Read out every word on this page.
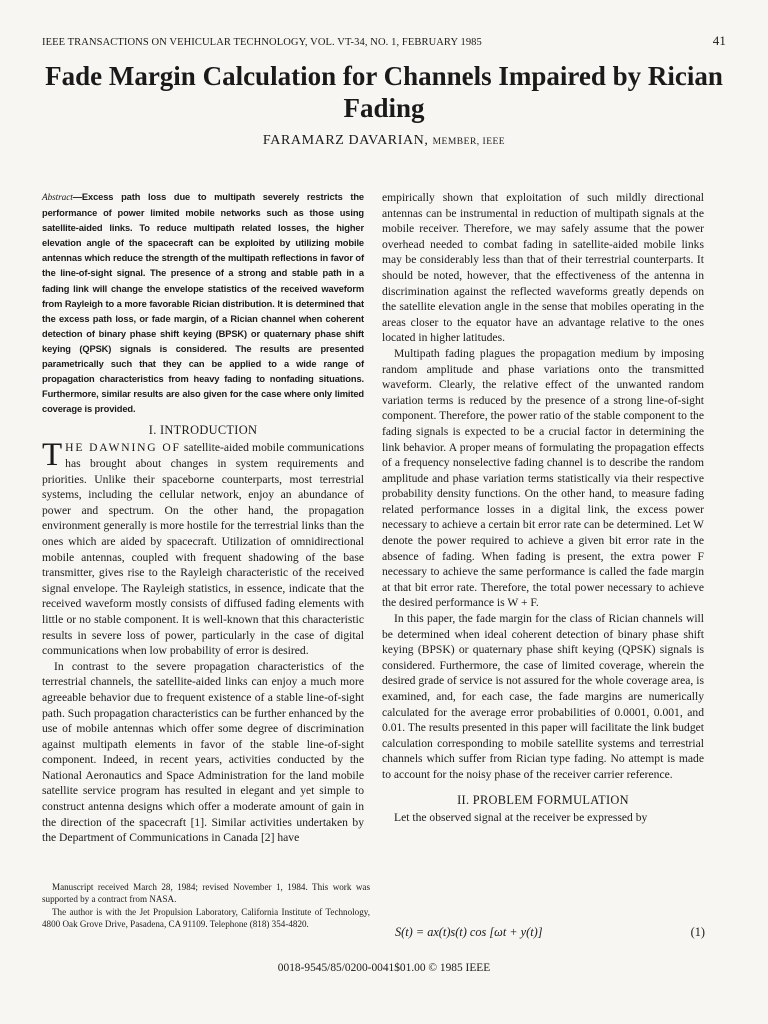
IEEE TRANSACTIONS ON VEHICULAR TECHNOLOGY, VOL. VT-34, NO. 1, FEBRUARY 1985	41
Fade Margin Calculation for Channels Impaired by Rician
Fading
FARAMARZ DAVARIAN, MEMBER, IEEE

Abstract—Excess path loss due to multipath severely restricts the performance of power limited mobile networks such as those using satellite-aided links. To reduce multipath related losses, the higher elevation angle of the spacecraft can be exploited by utilizing mobile antennas which reduce the strength of the multipath reflections in favor of the line-of-sight signal. The presence of a strong and stable path in a fading link will change the envelope statistics of the received waveform from Rayleigh to a more favorable Rician distribution. It is determined that the excess path loss, or fade margin, of a Rician channel when coherent detection of binary phase shift keying (BPSK) or quaternary phase shift keying (QPSK) signals is considered. The results are presented parametrically such that they can be applied to a wide range of propagation characteristics from heavy fading to nonfading situations. Furthermore, similar results are also given for the case where only limited coverage is provided.

I. INTRODUCTION

THE DAWNING OF satellite-aided mobile communications has brought about changes in system requirements and priorities. Unlike their spaceborne counterparts, most terrestrial systems, including the cellular network, enjoy an abundance of power and spectrum. On the other hand, the propagation environment generally is more hostile for the terrestrial links than the ones which are aided by spacecraft. Utilization of omnidirectional mobile antennas, coupled with frequent shadowing of the base transmitter, gives rise to the Rayleigh characteristic of the received signal envelope. The Rayleigh statistics, in essence, indicate that the received waveform mostly consists of diffused fading elements with little or no stable component. It is well-known that this characteristic results in severe loss of power, particularly in the case of digital communications when low probability of error is desired.

In contrast to the severe propagation characteristics of the terrestrial channels, the satellite-aided links can enjoy a much more agreeable behavior due to frequent existence of a stable line-of-sight path. Such propagation characteristics can be further enhanced by the use of mobile antennas which offer some degree of discrimination against multipath elements in favor of the stable line-of-sight component. Indeed, in recent years, activities conducted by the National Aeronautics and Space Administration for the land mobile satellite service program has resulted in elegant and yet simple to construct antenna designs which offer a moderate amount of gain in the direction of the spacecraft [1]. Similar activities undertaken by the Department of Communications in Canada [2] have

empirically shown that exploitation of such mildly directional antennas can be instrumental in reduction of multipath signals at the mobile receiver. Therefore, we may safely assume that the power overhead needed to combat fading in satellite-aided mobile links may be considerably less than that of their terrestrial counterparts. It should be noted, however, that the effectiveness of the antenna in discrimination against the reflected waveforms greatly depends on the satellite elevation angle in the sense that mobiles operating in the areas closer to the equator have an advantage relative to the ones located in higher latitudes.

Multipath fading plagues the propagation medium by imposing random amplitude and phase variations onto the transmitted waveform. Clearly, the relative effect of the unwanted random variation terms is reduced by the presence of a strong line-of-sight component. Therefore, the power ratio of the stable component to the fading signals is expected to be a crucial factor in determining the link behavior. A proper means of formulating the propagation effects of a frequency nonselective fading channel is to describe the random amplitude and phase variation terms statistically via their respective probability density functions. On the other hand, to measure fading related performance losses in a digital link, the excess power necessary to achieve a certain bit error rate can be determined. Let W denote the power required to achieve a given bit error rate in the absence of fading. When fading is present, the extra power F necessary to achieve the same performance is called the fade margin at that bit error rate. Therefore, the total power necessary to achieve the desired performance is W + F.

In this paper, the fade margin for the class of Rician channels will be determined when ideal coherent detection of binary phase shift keying (BPSK) or quaternary phase shift keying (QPSK) signals is considered. Furthermore, the case of limited coverage, wherein the desired grade of service is not assured for the whole coverage area, is examined, and, for each case, the fade margins are numerically calculated for the average error probabilities of 0.0001, 0.001, and 0.01. The results presented in this paper will facilitate the link budget calculation corresponding to mobile satellite systems and terrestrial channels which suffer from Rician type fading. No attempt is made to account for the noisy phase of the receiver carrier reference.

II. PROBLEM FORMULATION

Let the observed signal at the receiver be expressed by

S(t) = ax(t)s(t) cos [ωt + y(t)]	(1)

Manuscript received March 28, 1984; revised November 1, 1984. This work was supported by a contract from NASA.

The author is with the Jet Propulsion Laboratory, California Institute of Technology, 4800 Oak Grove Drive, Pasadena, CA 91109. Telephone (818) 354-4820.

0018-9545/85/0200-0041$01.00 © 1985 IEEE
